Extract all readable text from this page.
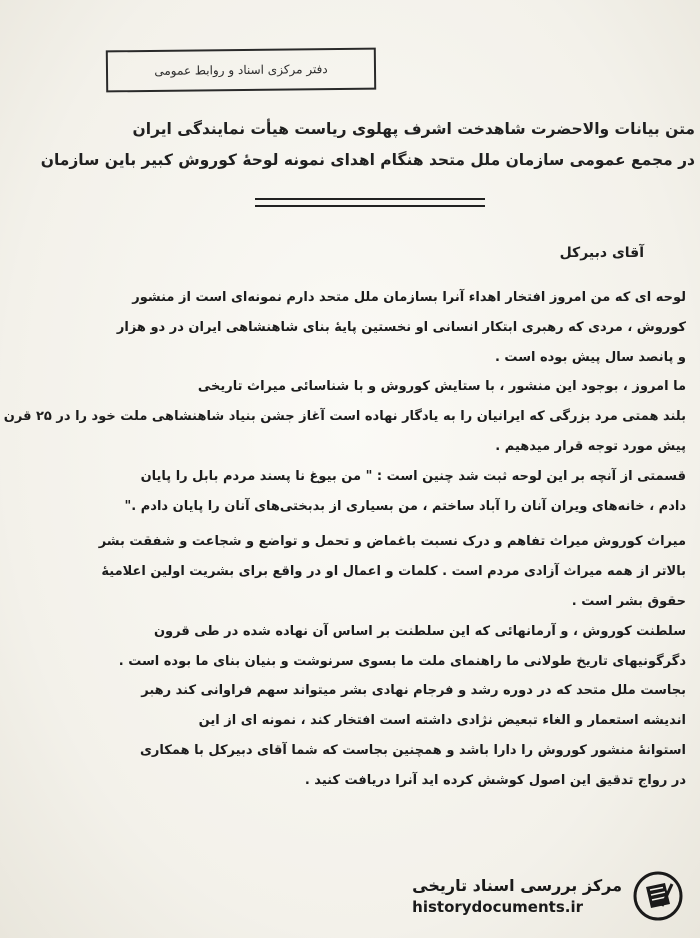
دفتر مرکزی اسناد و روابط عمومی
متن بیانات والاحضرت شاهدخت اشرف پهلوی ریاست هیأت نمایندگی ایران
در مجمع عمومی سازمان ملل متحد هنگام اهدای نمونه لوحهٔ کوروش کبیر باین سازمان
آقای دبیرکل
لوحه ای که من امروز افتخار اهداء آنرا بسازمان ملل متحد دارم نمونه‌ای است از منشور
کوروش ، مردی که رهبری ابتکار انسانی او نخستین پایهٔ بنای شاهنشاهی ایران در دو هزار
و پانصد سال پیش بوده است .
ما امروز ، بوجود این منشور ، با ستایش کوروش و با شناسائی میراث تاریخی
بلند همتی مرد بزرگی که ایرانیان را به یادگار نهاده است آغاز جشن بنیاد شاهنشاهی ملت خود را در ۲۵ قرن
پیش مورد توجه قرار میدهیم .
قسمتی از آنچه بر این لوحه ثبت شد چنین است : " من بیوغ نا پسند مردم بابل را پایان
دادم ، خانه‌های ویران آنان را آباد ساختم ، من بسیاری از بدبختی‌های آنان را پایان دادم ."
میراث کوروش میراث تفاهم و درک نسبت باغماض و تحمل و تواضع و شجاعت و شفقت بشر
بالاتر از همه میراث آزادی مردم است . کلمات و اعمال او در واقع برای بشریت اولین اعلامیهٔ
حقوق بشر است .
سلطنت کوروش ، و آرمانهائی که این سلطنت بر اساس آن نهاده شده در طی قرون
دگرگونیهای تاریخ طولانی ما راهنمای ملت ما بسوی سرنوشت و بنیان بنای ما بوده است .
بجاست ملل متحد که در دوره رشد و فرجام نهادی بشر میتواند سهم فراوانی کند رهبر
اندیشه استعمار و الغاء تبعیض نژادی داشته است افتخار کند ، نمونه ای از این
استوانهٔ منشور کوروش را دارا باشد و همچنین بجاست که شما آقای دبیرکل با همکاری
در رواج تدقیق این اصول کوشش کرده اید آنرا دریافت کنید .
مرکز بررسی اسناد تاریخی
historydocuments.ir
